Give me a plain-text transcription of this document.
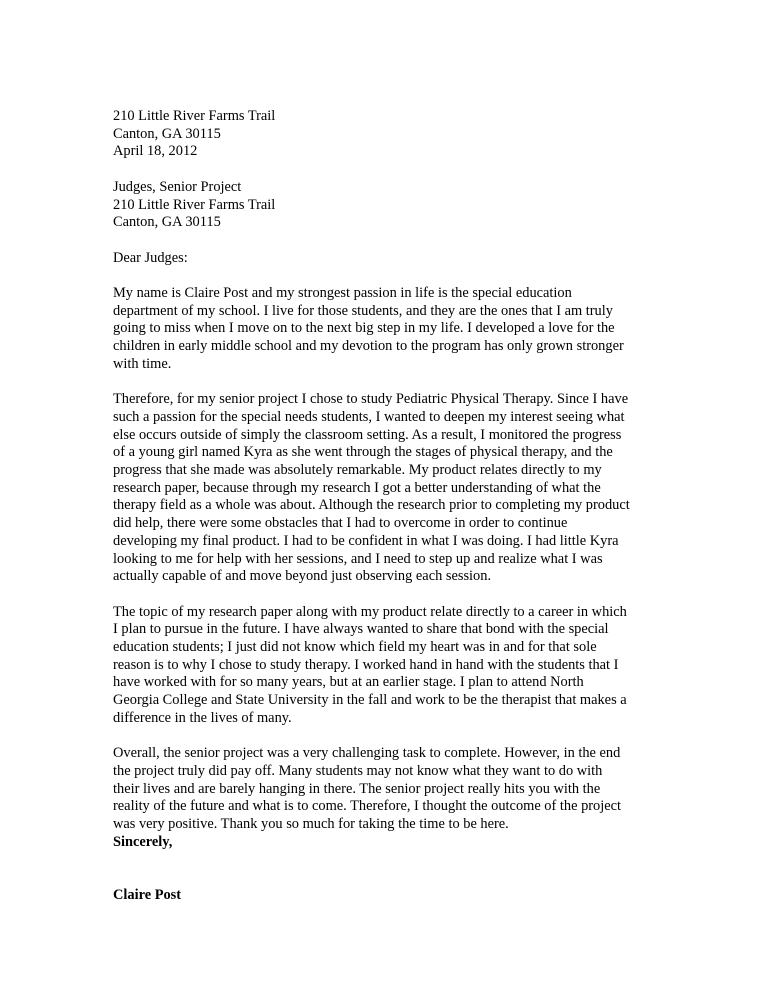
210 Little River Farms Trail
Canton, GA 30115
April 18, 2012
Judges, Senior Project
210 Little River Farms Trail
Canton, GA 30115
Dear Judges:
My name is Claire Post and my strongest passion in life is the special education
department of my school. I live for those students, and they are the ones that I am truly
going to miss when I move on to the next big step in my life. I developed a love for the
children in early middle school and my devotion to the program has only grown stronger
with time.
Therefore, for my senior project I chose to study Pediatric Physical Therapy. Since I have
such a passion for the special needs students, I wanted to deepen my interest seeing what
else occurs outside of simply the classroom setting. As a result, I monitored the progress
of a young girl named Kyra as she went through the stages of physical therapy, and the
progress that she made was absolutely remarkable. My product relates directly to my
research paper, because through my research I got a better understanding of what the
therapy field as a whole was about. Although the research prior to completing my product
did help, there were some obstacles that I had to overcome in order to continue
developing my final product. I had to be confident in what I was doing. I had little Kyra
looking to me for help with her sessions, and I need to step up and realize what I was
actually capable of and move beyond just observing each session.
The topic of my research paper along with my product relate directly to a career in which
I plan to pursue in the future. I have always wanted to share that bond with the special
education students; I just did not know which field my heart was in and for that sole
reason is to why I chose to study therapy. I worked hand in hand with the students that I
have worked with for so many years, but at an earlier stage. I plan to attend North
Georgia College and State University in the fall and work to be the therapist that makes a
difference in the lives of many.
Overall, the senior project was a very challenging task to complete. However, in the end
the project truly did pay off. Many students may not know what they want to do with
their lives and are barely hanging in there. The senior project really hits you with the
reality of the future and what is to come. Therefore, I thought the outcome of the project
was very positive. Thank you so much for taking the time to be here.
Sincerely,
Claire Post
